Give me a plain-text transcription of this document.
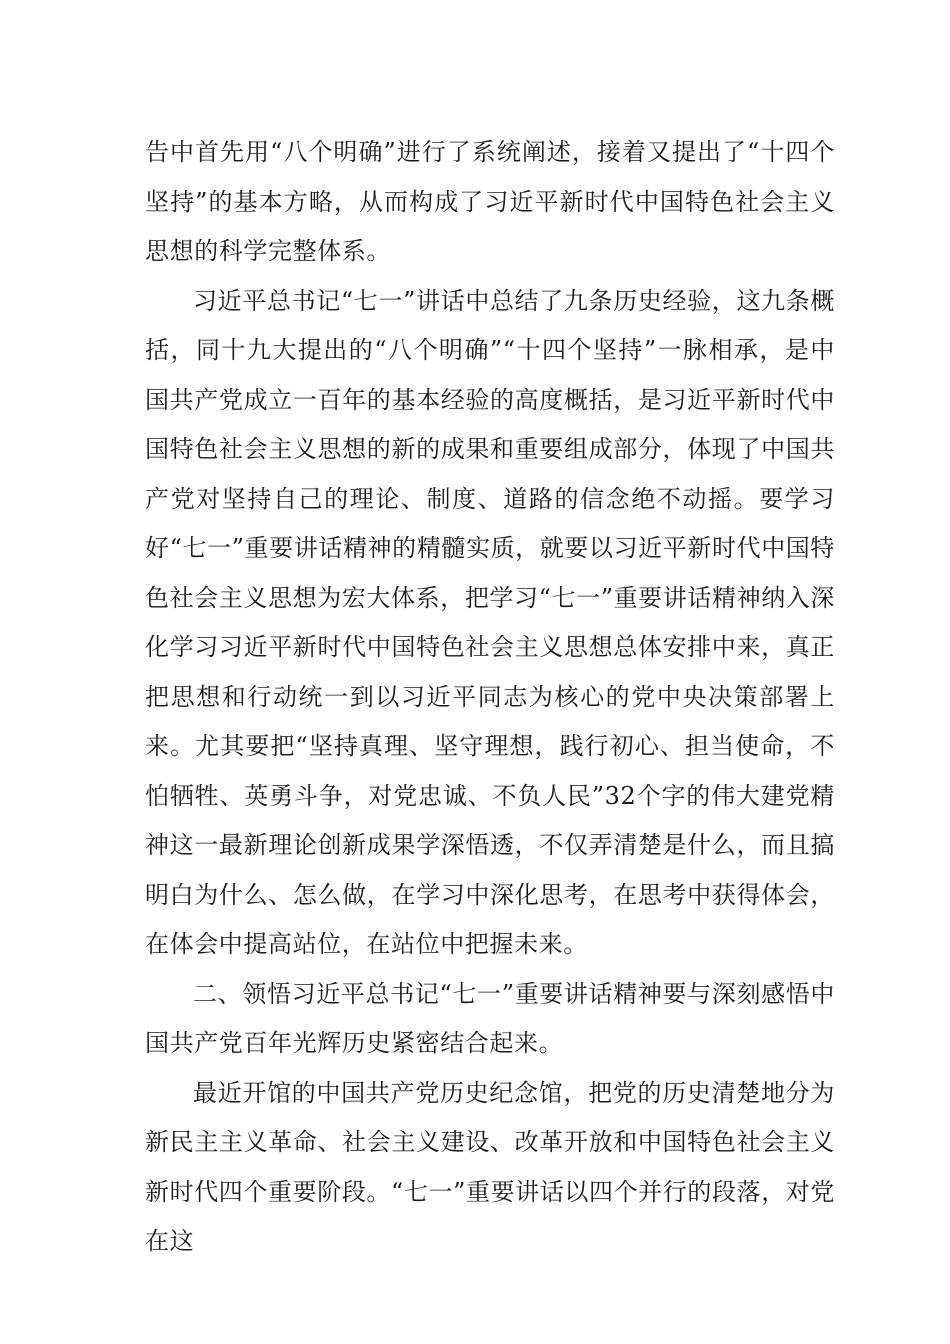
告中首先用“八个明确”进行了系统阐述，接着又提出了“十四个坚持”的基本方略，从而构成了习近平新时代中国特色社会主义思想的科学完整体系。

习近平总书记“七一”讲话中总结了九条历史经验，这九条概括，同十九大提出的“八个明确”“十四个坚持”一脉相承，是中国共产党成立一百年的基本经验的高度概括，是习近平新时代中国特色社会主义思想的新的成果和重要组成部分，体现了中国共产党对坚持自己的理论、制度、道路的信念绝不动摇。要学习好“七一”重要讲话精神的精髓实质，就要以习近平新时代中国特色社会主义思想为宏大体系，把学习“七一”重要讲话精神纳入深化学习习近平新时代中国特色社会主义思想总体安排中来，真正把思想和行动统一到以习近平同志为核心的党中央决策部署上来。尤其要把“坚持真理、坚守理想，践行初心、担当使命，不怕牺牲、英勇斗争，对党忠诚、不负人民”32个字的伟大建党精神这一最新理论创新成果学深悟透，不仅弄清楚是什么，而且搞明白为什么、怎么做，在学习中深化思考，在思考中获得体会，在体会中提高站位，在站位中把握未来。

二、领悟习近平总书记“七一”重要讲话精神要与深刻感悟中国共产党百年光辉历史紧密结合起来。

最近开馆的中国共产党历史纪念馆，把党的历史清楚地分为新民主主义革命、社会主义建设、改革开放和中国特色社会主义新时代四个重要阶段。“七一”重要讲话以四个并行的段落，对党在这
